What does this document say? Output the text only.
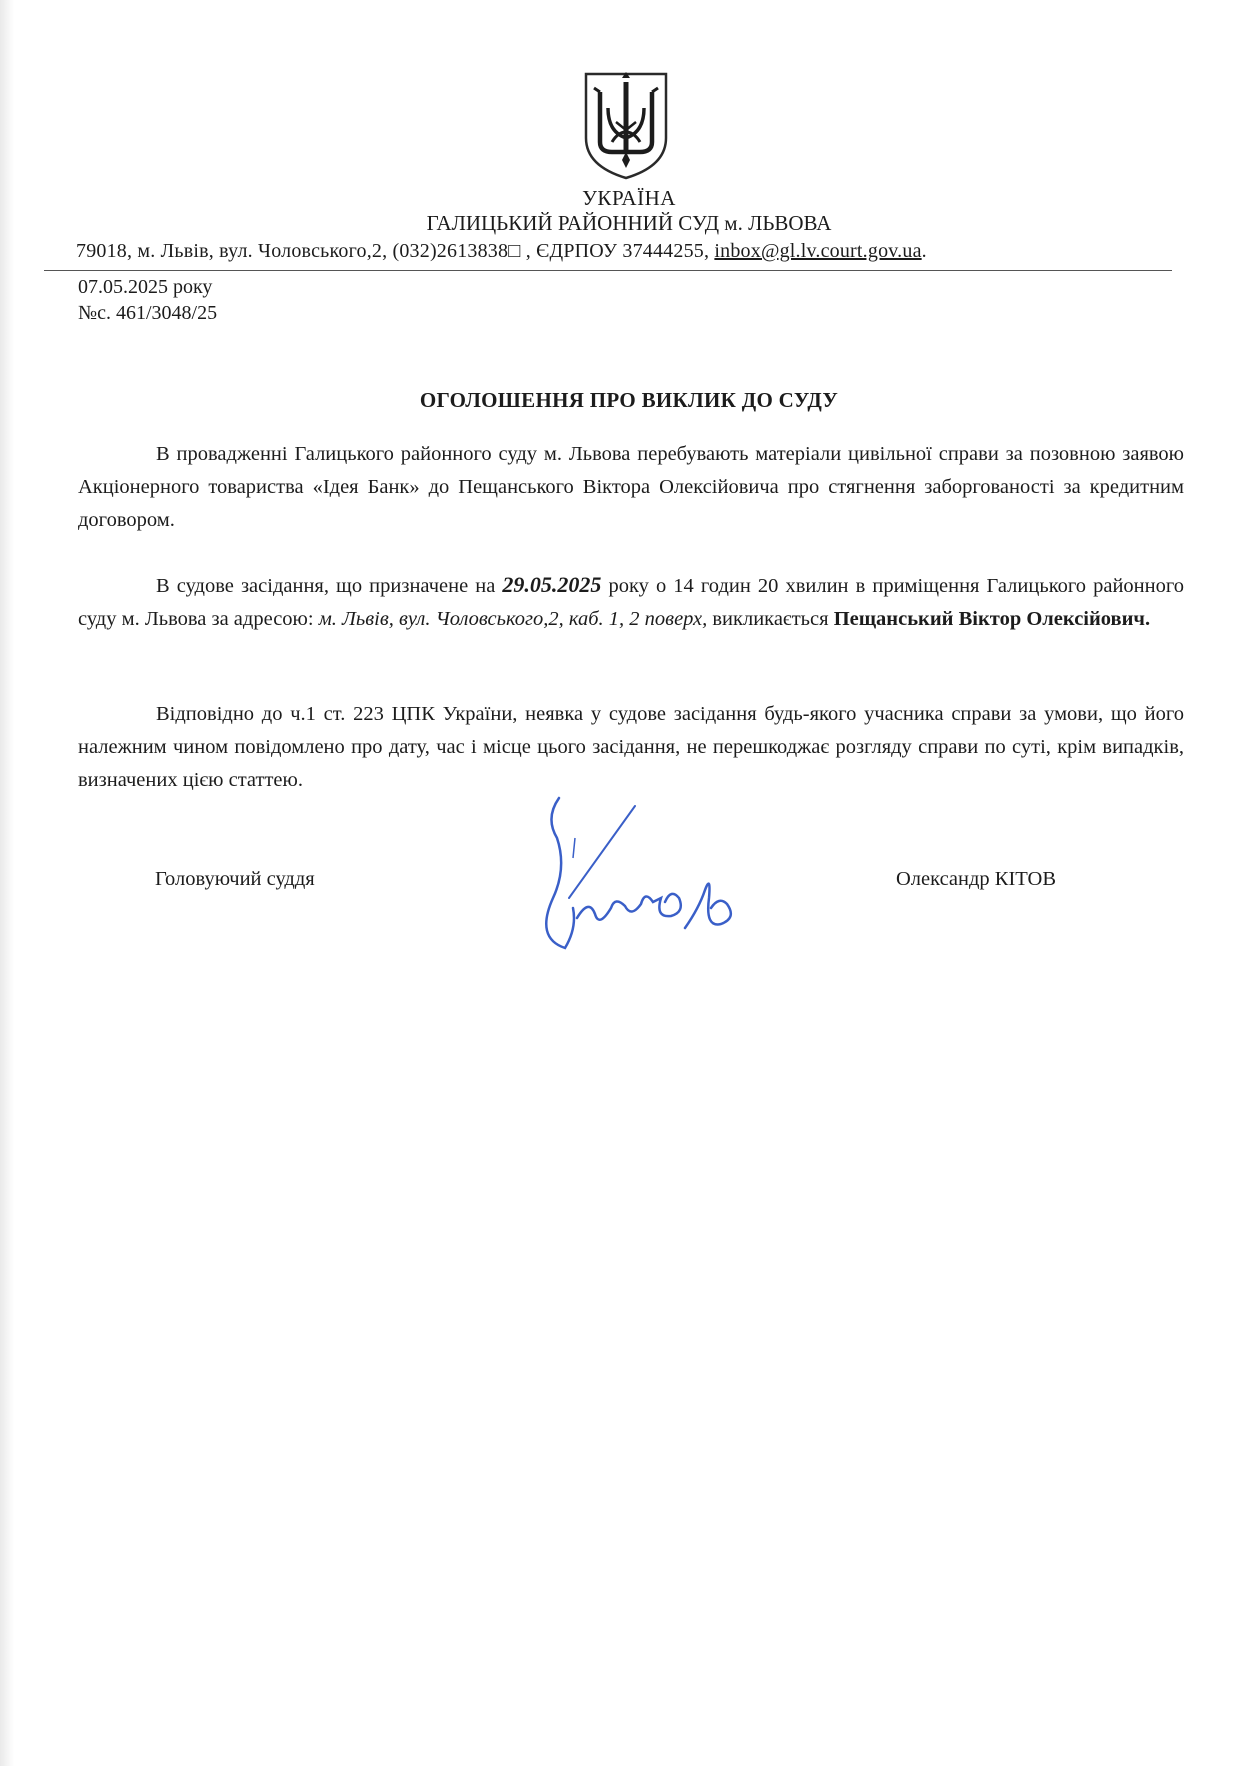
УКРАЇНА
ГАЛИЦЬКИЙ РАЙОННИЙ СУД м. ЛЬВОВА
79018, м. Львів, вул. Чоловського,2, (032)2613838□ , ЄДРПОУ 37444255, inbox@gl.lv.court.gov.ua.
07.05.2025 року
№с. 461/3048/25
ОГОЛОШЕННЯ ПРО ВИКЛИК ДО СУДУ

В провадженні Галицького районного суду м. Львова перебувають матеріали цивільної справи за позовною заявою Акціонерного товариства «Ідея Банк» до Пещанського Віктора Олексійовича про стягнення заборгованості за кредитним договором.

В судове засідання, що призначене на 29.05.2025 року о 14 годин 20 хвилин в приміщення Галицького районного суду м. Львова за адресою: м. Львів, вул. Чоловського,2, каб. 1, 2 поверх, викликається Пещанський Віктор Олексійович.

Відповідно до ч.1 ст. 223 ЦПК України, неявка у судове засідання будь-якого учасника справи за умови, що його належним чином повідомлено про дату, час і місце цього засідання, не перешкоджає розгляду справи по суті, крім випадків, визначених цією статтею.

Головуючий суддя	Олександр КІТОВ
